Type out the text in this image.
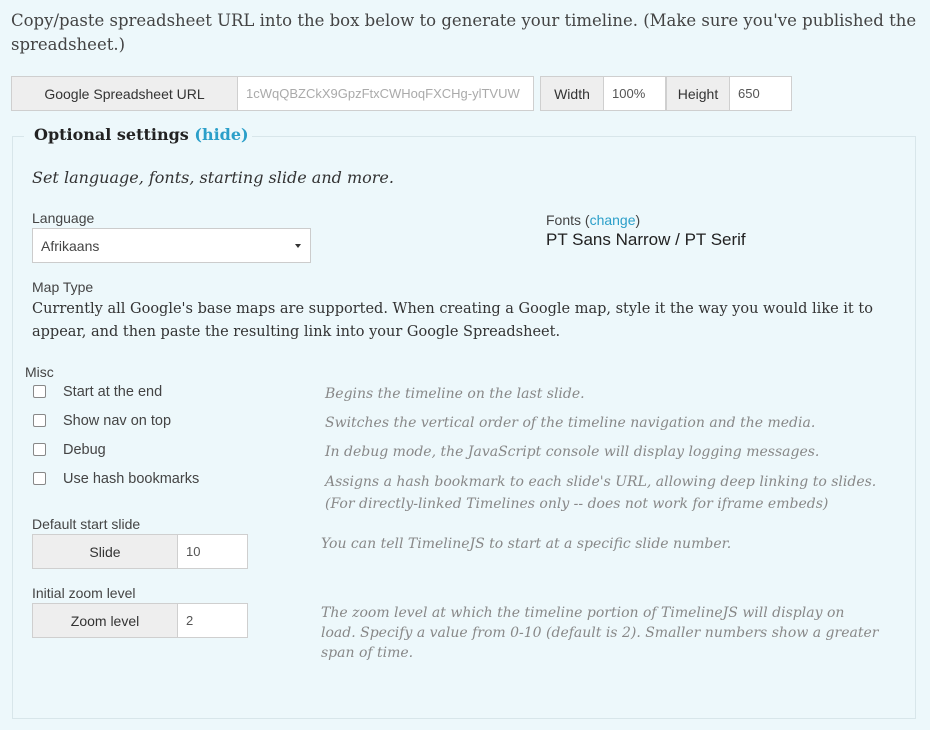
Copy/paste spreadsheet URL into the box below to generate your timeline. (Make sure you've published the spreadsheet.)
Google Spreadsheet URL	1cWqQBZCkX9GpzFtxCWHoqFXCHg-ylTVUW	Width	100%	Height	650
Optional settings (hide)
Set language, fonts, starting slide and more.
Language
Afrikaans
Fonts (change)
PT Sans Narrow / PT Serif
Map Type
Currently all Google's base maps are supported. When creating a Google map, style it the way you would like it to appear, and then paste the resulting link into your Google Spreadsheet.
Misc
Start at the end	Begins the timeline on the last slide.
Show nav on top	Switches the vertical order of the timeline navigation and the media.
Debug	In debug mode, the JavaScript console will display logging messages.
Use hash bookmarks	Assigns a hash bookmark to each slide's URL, allowing deep linking to slides. (For directly-linked Timelines only -- does not work for iframe embeds)
Default start slide
Slide	10	You can tell TimelineJS to start at a specific slide number.
Initial zoom level
Zoom level	2	The zoom level at which the timeline portion of TimelineJS will display on load. Specify a value from 0-10 (default is 2). Smaller numbers show a greater span of time.
